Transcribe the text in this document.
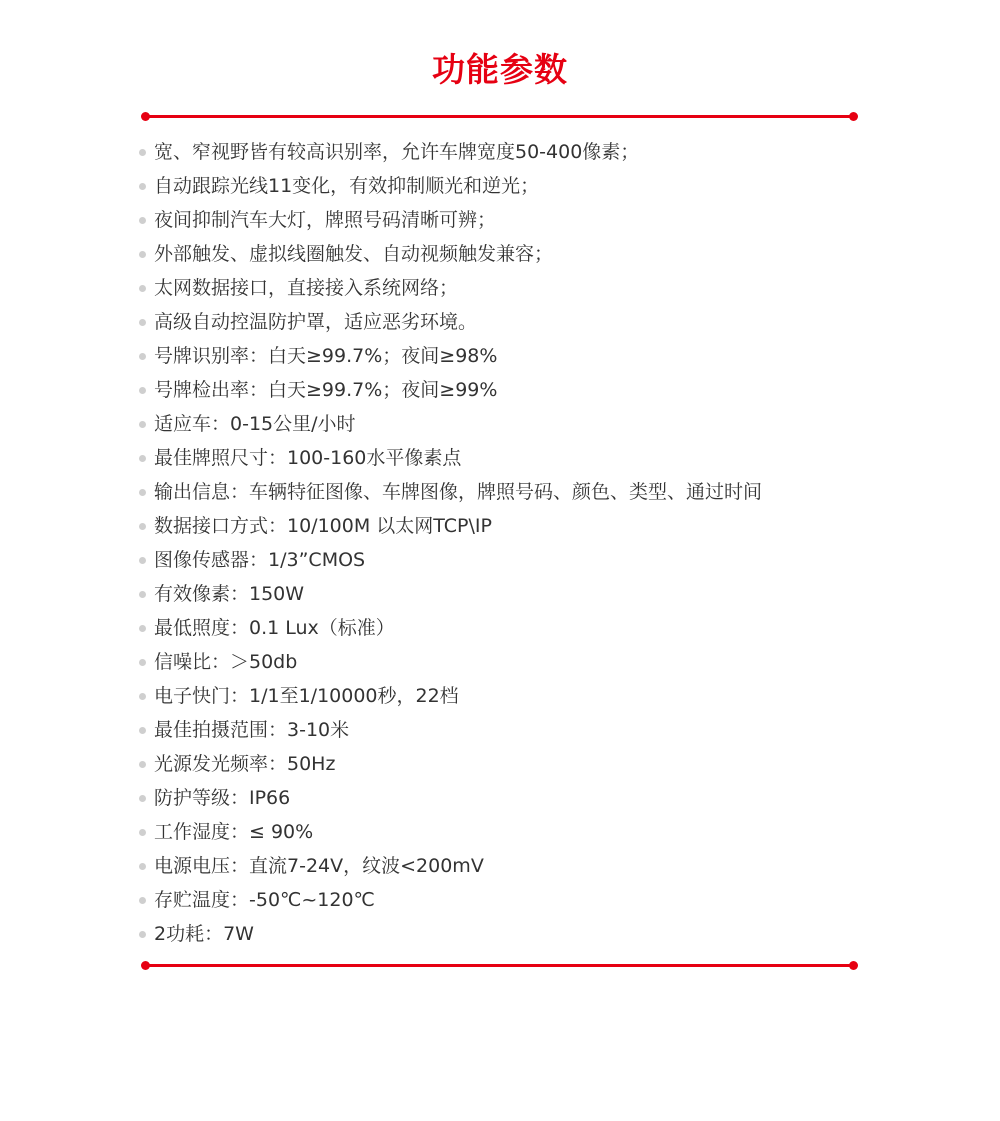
功能参数
宽、窄视野皆有较高识别率，允许车牌宽度50-400像素；
自动跟踪光线11变化，有效抑制顺光和逆光；
夜间抑制汽车大灯，牌照号码清晰可辨；
外部触发、虚拟线圈触发、自动视频触发兼容；
太网数据接口，直接接入系统网络；
高级自动控温防护罩，适应恶劣环境。
号牌识别率：白天≥99.7%；夜间≥98%
号牌检出率：白天≥99.7%；夜间≥99%
适应车：0-15公里/小时
最佳牌照尺寸：100-160水平像素点
输出信息：车辆特征图像、车牌图像，牌照号码、颜色、类型、通过时间
数据接口方式：10/100M 以太网TCP\IP
图像传感器：1/3”CMOS
有效像素：150W
最低照度：0.1 Lux（标准）
信噪比：＞50db
电子快门：1/1至1/10000秒，22档
最佳拍摄范围：3-10米
光源发光频率：50Hz
防护等级：IP66
工作湿度：≤ 90%
电源电压：直流7-24V，纹波<200mV
存贮温度：-50℃~120℃
2功耗：7W
